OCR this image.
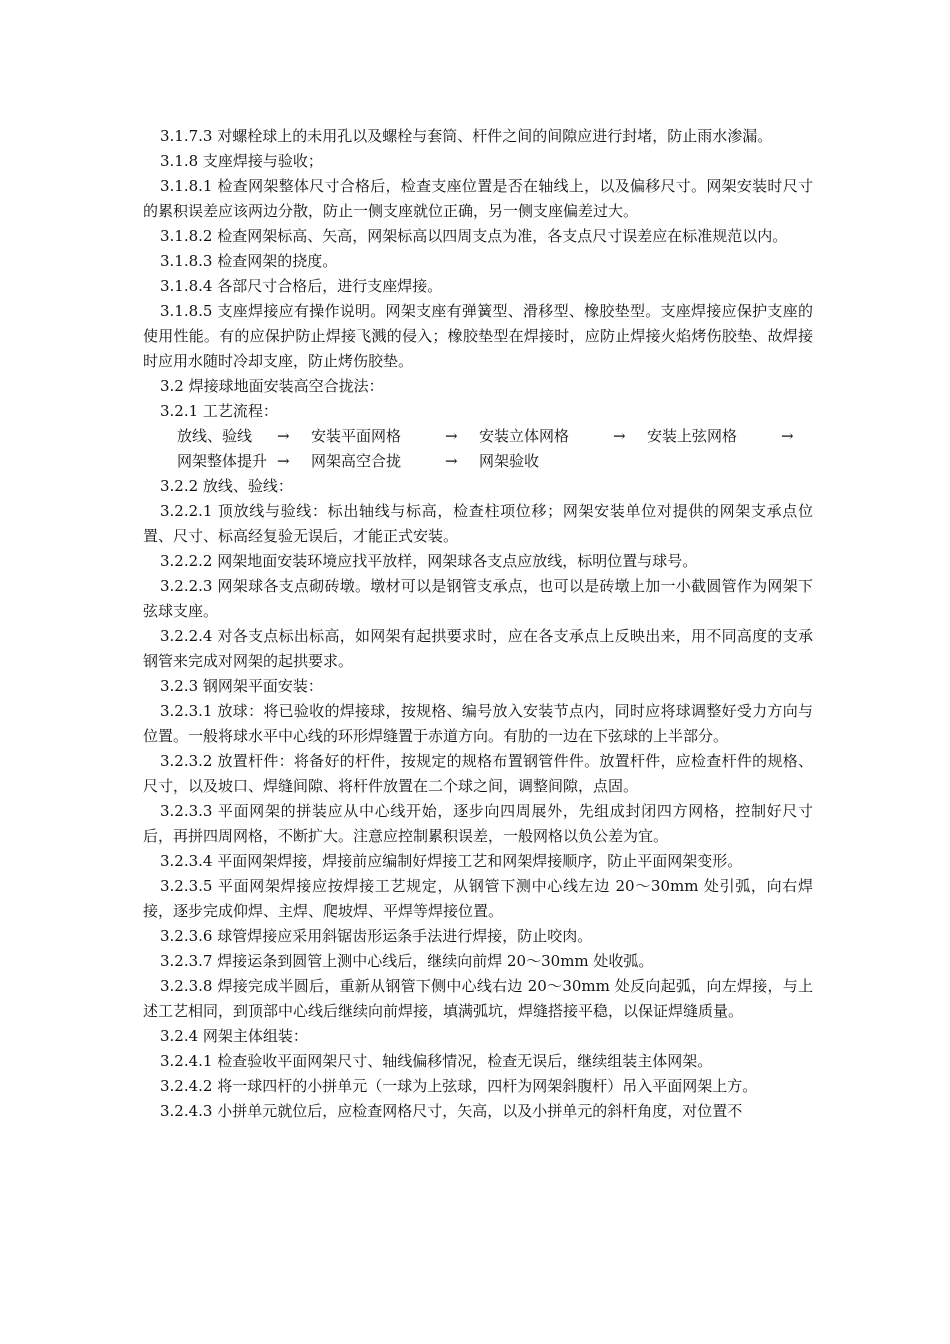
3.1.7.3 对螺栓球上的未用孔以及螺栓与套筒、杆件之间的间隙应进行封堵，防止雨水渗漏。

3.1.8 支座焊接与验收；

3.1.8.1 检查网架整体尺寸合格后，检查支座位置是否在轴线上，以及偏移尺寸。网架安装时尺寸的累积误差应该两边分散，防止一侧支座就位正确，另一侧支座偏差过大。

3.1.8.2 检查网架标高、矢高，网架标高以四周支点为准，各支点尺寸误差应在标准规范以内。

3.1.8.3 检查网架的挠度。

3.1.8.4 各部尺寸合格后，进行支座焊接。

3.1.8.5 支座焊接应有操作说明。网架支座有弹簧型、滑移型、橡胶垫型。支座焊接应保护支座的使用性能。有的应保护防止焊接飞溅的侵入；橡胶垫型在焊接时，应防止焊接火焰烤伤胶垫、故焊接时应用水随时冷却支座，防止烤伤胶垫。

3.2 焊接球地面安装高空合拢法：

3.2.1 工艺流程：

放线、验线	→	安装平面网格	→	安装立体网格	→	安装上弦网格	→
网架整体提升 →	网架高空合拢	→	网架验收

3.2.2 放线、验线：

3.2.2.1 顶放线与验线：标出轴线与标高，检查柱项位移；网架安装单位对提供的网架支承点位置、尺寸、标高经复验无误后，才能正式安装。

3.2.2.2 网架地面安装环境应找平放样，网架球各支点应放线，标明位置与球号。

3.2.2.3 网架球各支点砌砖墩。墩材可以是钢管支承点，也可以是砖墩上加一小截圆管作为网架下弦球支座。

3.2.2.4 对各支点标出标高，如网架有起拱要求时，应在各支承点上反映出来，用不同高度的支承钢管来完成对网架的起拱要求。

3.2.3 钢网架平面安装：

3.2.3.1 放球：将已验收的焊接球，按规格、编号放入安装节点内，同时应将球调整好受力方向与位置。一般将球水平中心线的环形焊缝置于赤道方向。有肋的一边在下弦球的上半部分。

3.2.3.2 放置杆件：将备好的杆件，按规定的规格布置钢管件件。放置杆件，应检查杆件的规格、尺寸，以及坡口、焊缝间隙、将杆件放置在二个球之间，调整间隙，点固。

3.2.3.3 平面网架的拼装应从中心线开始，逐步向四周展外，先组成封闭四方网格，控制好尺寸后，再拼四周网格，不断扩大。注意应控制累积误差，一般网格以负公差为宜。

3.2.3.4 平面网架焊接，焊接前应编制好焊接工艺和网架焊接顺序，防止平面网架变形。

3.2.3.5 平面网架焊接应按焊接工艺规定，从钢管下测中心线左边 20～30mm 处引弧，向右焊接，逐步完成仰焊、主焊、爬坡焊、平焊等焊接位置。

3.2.3.6 球管焊接应采用斜锯齿形运条手法进行焊接，防止咬肉。

3.2.3.7 焊接运条到圆管上测中心线后，继续向前焊 20～30mm 处收弧。

3.2.3.8 焊接完成半圆后，重新从钢管下侧中心线右边 20～30mm 处反向起弧，向左焊接，与上述工艺相同，到顶部中心线后继续向前焊接，填满弧坑，焊缝搭接平稳，以保证焊缝质量。

3.2.4 网架主体组装：

3.2.4.1 检查验收平面网架尺寸、轴线偏移情况，检查无误后，继续组装主体网架。

3.2.4.2 将一球四杆的小拼单元（一球为上弦球，四杆为网架斜腹杆）吊入平面网架上方。

3.2.4.3 小拼单元就位后，应检查网格尺寸，矢高，以及小拼单元的斜杆角度，对位置不
